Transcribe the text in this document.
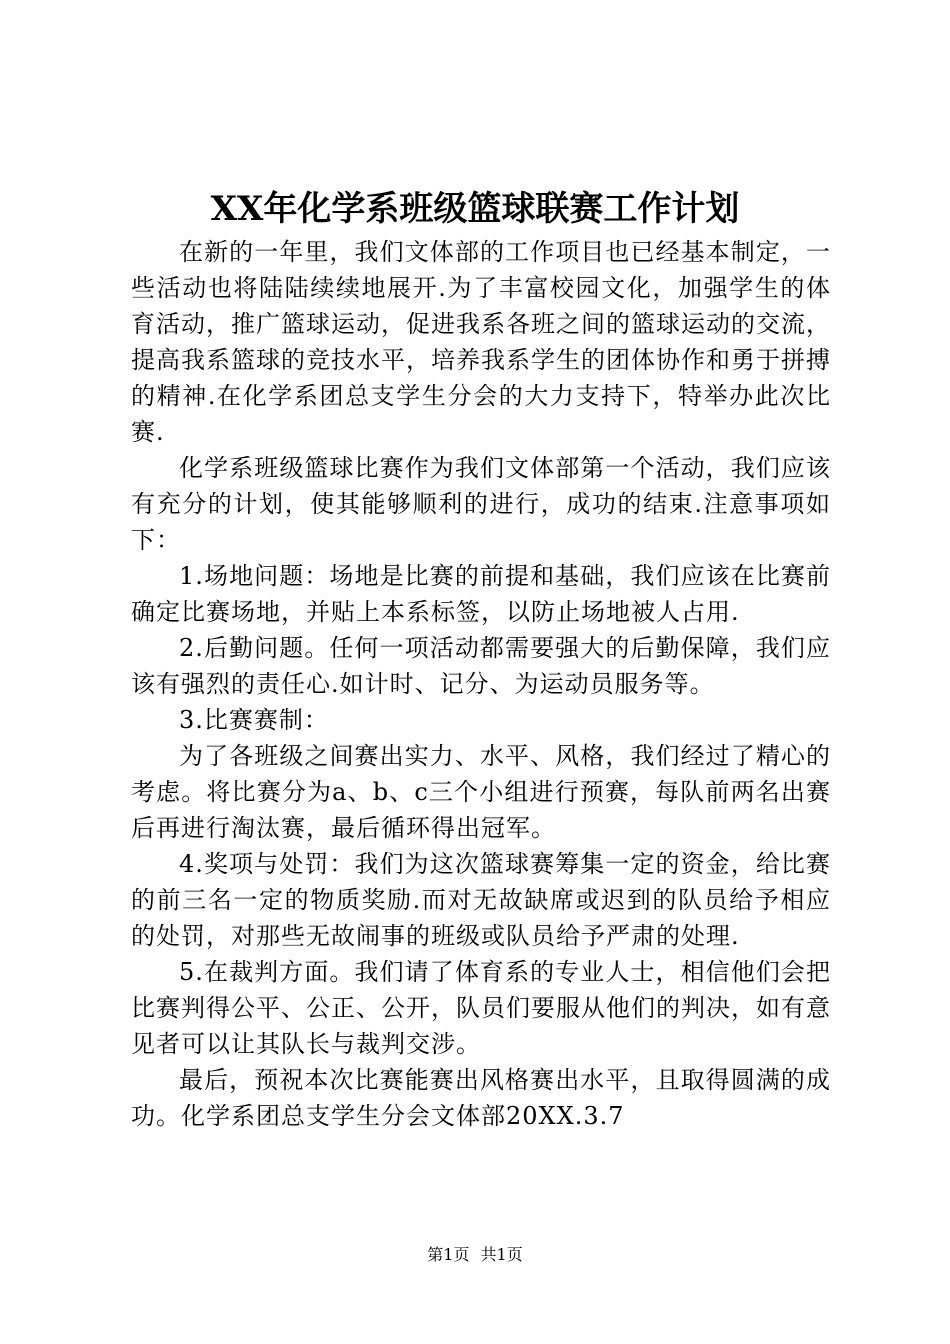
XX年化学系班级篮球联赛工作计划

在新的一年里，我们文体部的工作项目也已经基本制定，一些活动也将陆陆续续地展开.为了丰富校园文化，加强学生的体育活动，推广篮球运动，促进我系各班之间的篮球运动的交流，提高我系篮球的竞技水平，培养我系学生的团体协作和勇于拼搏的精神.在化学系团总支学生分会的大力支持下，特举办此次比赛.

化学系班级篮球比赛作为我们文体部第一个活动，我们应该有充分的计划，使其能够顺利的进行，成功的结束.注意事项如下：

1.场地问题：场地是比赛的前提和基础，我们应该在比赛前确定比赛场地，并贴上本系标签，以防止场地被人占用.

2.后勤问题。任何一项活动都需要强大的后勤保障，我们应该有强烈的责任心.如计时、记分、为运动员服务等。

3.比赛赛制：

为了各班级之间赛出实力、水平、风格，我们经过了精心的考虑。将比赛分为a、b、c三个小组进行预赛，每队前两名出赛后再进行淘汰赛，最后循环得出冠军。

4.奖项与处罚：我们为这次篮球赛筹集一定的资金，给比赛的前三名一定的物质奖励.而对无故缺席或迟到的队员给予相应的处罚，对那些无故闹事的班级或队员给予严肃的处理.

5.在裁判方面。我们请了体育系的专业人士，相信他们会把比赛判得公平、公正、公开，队员们要服从他们的判决，如有意见者可以让其队长与裁判交涉。

最后，预祝本次比赛能赛出风格赛出水平，且取得圆满的成功。化学系团总支学生分会文体部20XX.3.7

第1页 共1页
